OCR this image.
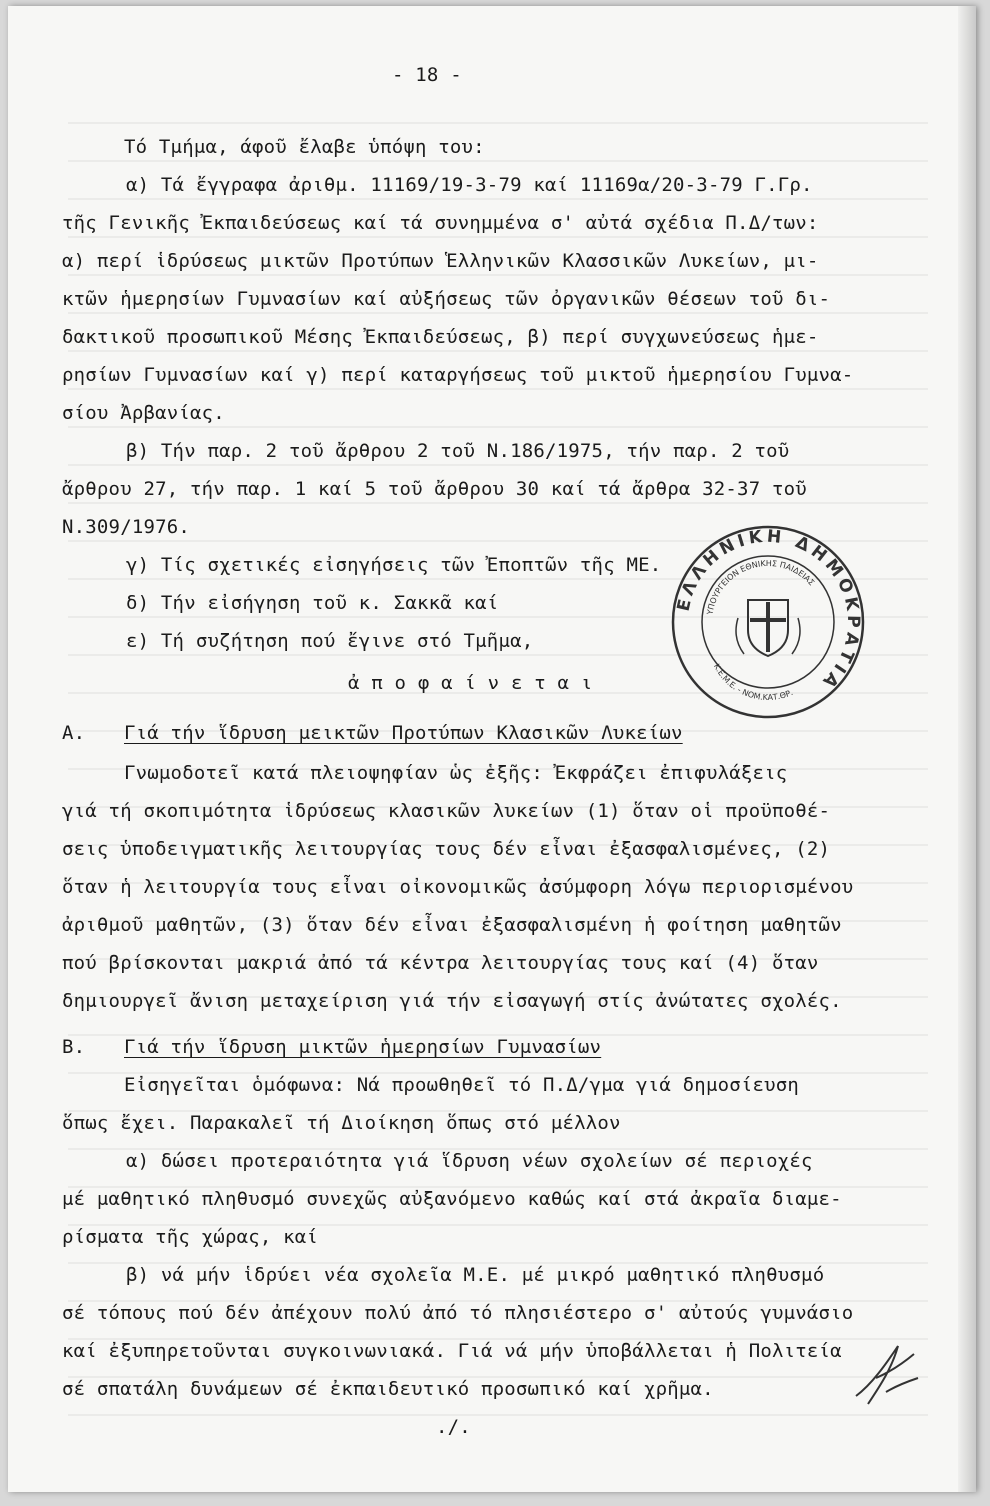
- 18 -
Τό Τμήμα, άφοῦ ἔλαβε ὑπόψη του:
α) Τά ἔγγραφα ἀριθμ. 11169/19-3-79 καί 11169α/20-3-79 Γ.Γρ.
τῆς Γενικῆς Ἐκπαιδεύσεως καί τά συνημμένα σ' αὐτά σχέδια Π.Δ/των:
α) περί ἱδρύσεως μικτῶν Προτύπων Ἑλληνικῶν Κλασσικῶν Λυκείων, μι-
κτῶν ἡμερησίων Γυμνασίων καί αὐξήσεως τῶν ὀργανικῶν θέσεων τοῦ δι-
δακτικοῦ προσωπικοῦ Μέσης Ἐκπαιδεύσεως, β) περί συγχωνεύσεως ἡμε-
ρησίων Γυμνασίων καί γ) περί καταργήσεως τοῦ μικτοῦ ἡμερησίου Γυμνα-
σίου Ἀρβανίας.
β) Τήν παρ. 2 τοῦ ἄρθρου 2 τοῦ Ν.186/1975, τήν παρ. 2 τοῦ
ἄρθρου 27, τήν παρ. 1 καί 5 τοῦ ἄρθρου 30 καί τά ἄρθρα 32-37 τοῦ
Ν.309/1976.
γ) Τίς σχετικές εἰσηγήσεις τῶν Ἐποπτῶν τῆς ΜΕ.
δ) Τήν εἰσήγηση τοῦ κ. Σακκᾶ καί
ε) Τή συζήτηση πού ἔγινε στό Τμῆμα,
ἀ π ο φ α ί ν ε τ α ι
Α. Γιά τήν ἵδρυση μεικτῶν Προτύπων Κλασικῶν Λυκείων
Γνωμοδοτεῖ κατά πλειοψηφίαν ὡς ἑξῆς: Ἐκφράζει ἐπιφυλάξεις
γιά τή σκοπιμότητα ἱδρύσεως κλασικῶν λυκείων (1) ὅταν οἱ προϋποθέ-
σεις ὑποδειγματικῆς λειτουργίας τους δέν εἶναι ἐξασφαλισμένες, (2)
ὅταν ἡ λειτουργία τους εἶναι οἰκονομικῶς ἀσύμφορη λόγω περιορισμένου
ἀριθμοῦ μαθητῶν, (3) ὅταν δέν εἶναι ἐξασφαλισμένη ἡ φοίτηση μαθητῶν
πού βρίσκονται μακριά ἀπό τά κέντρα λειτουργίας τους καί (4) ὅταν
δημιουργεῖ ἄνιση μεταχείριση γιά τήν εἰσαγωγή στίς ἀνώτατες σχολές.
Β. Γιά τήν ἵδρυση μικτῶν ἡμερησίων Γυμνασίων
Εἰσηγεῖται ὁμόφωνα: Νά προωθηθεῖ τό Π.Δ/γμα γιά δημοσίευση
ὅπως ἔχει. Παρακαλεῖ τή Διοίκηση ὅπως στό μέλλον
α) δώσει προτεραιότητα γιά ἵδρυση νέων σχολείων σέ περιοχές
μέ μαθητικό πληθυσμό συνεχῶς αὐξανόμενο καθώς καί στά ἀκραῖα διαμε-
ρίσματα τῆς χώρας, καί
β) νά μήν ἱδρύει νέα σχολεῖα Μ.Ε. μέ μικρό μαθητικό πληθυσμό
σέ τόπους πού δέν ἀπέχουν πολύ ἀπό τό πλησιέστερο σ' αὐτούς γυμνάσιο
καί ἐξυπηρετοῦνται συγκοινωνιακά. Γιά νά μήν ὑποβάλλεται ἡ Πολιτεία
σέ σπατάλη δυνάμεων σέ ἐκπαιδευτικό προσωπικό καί χρῆμα.
./.
ΕΛΛΗΝΙΚΗ ΔΗΜΟΚΡΑΤΙΑ
ΥΠΟΥΡΓΕΙΟΝ ΕΘΝΙΚΗΣ ΠΑΙΔΕΙΑΣ
Κ.Ε.Μ.Ε. - ΝΟΜ.ΚΑΤ.ΘΡ.
